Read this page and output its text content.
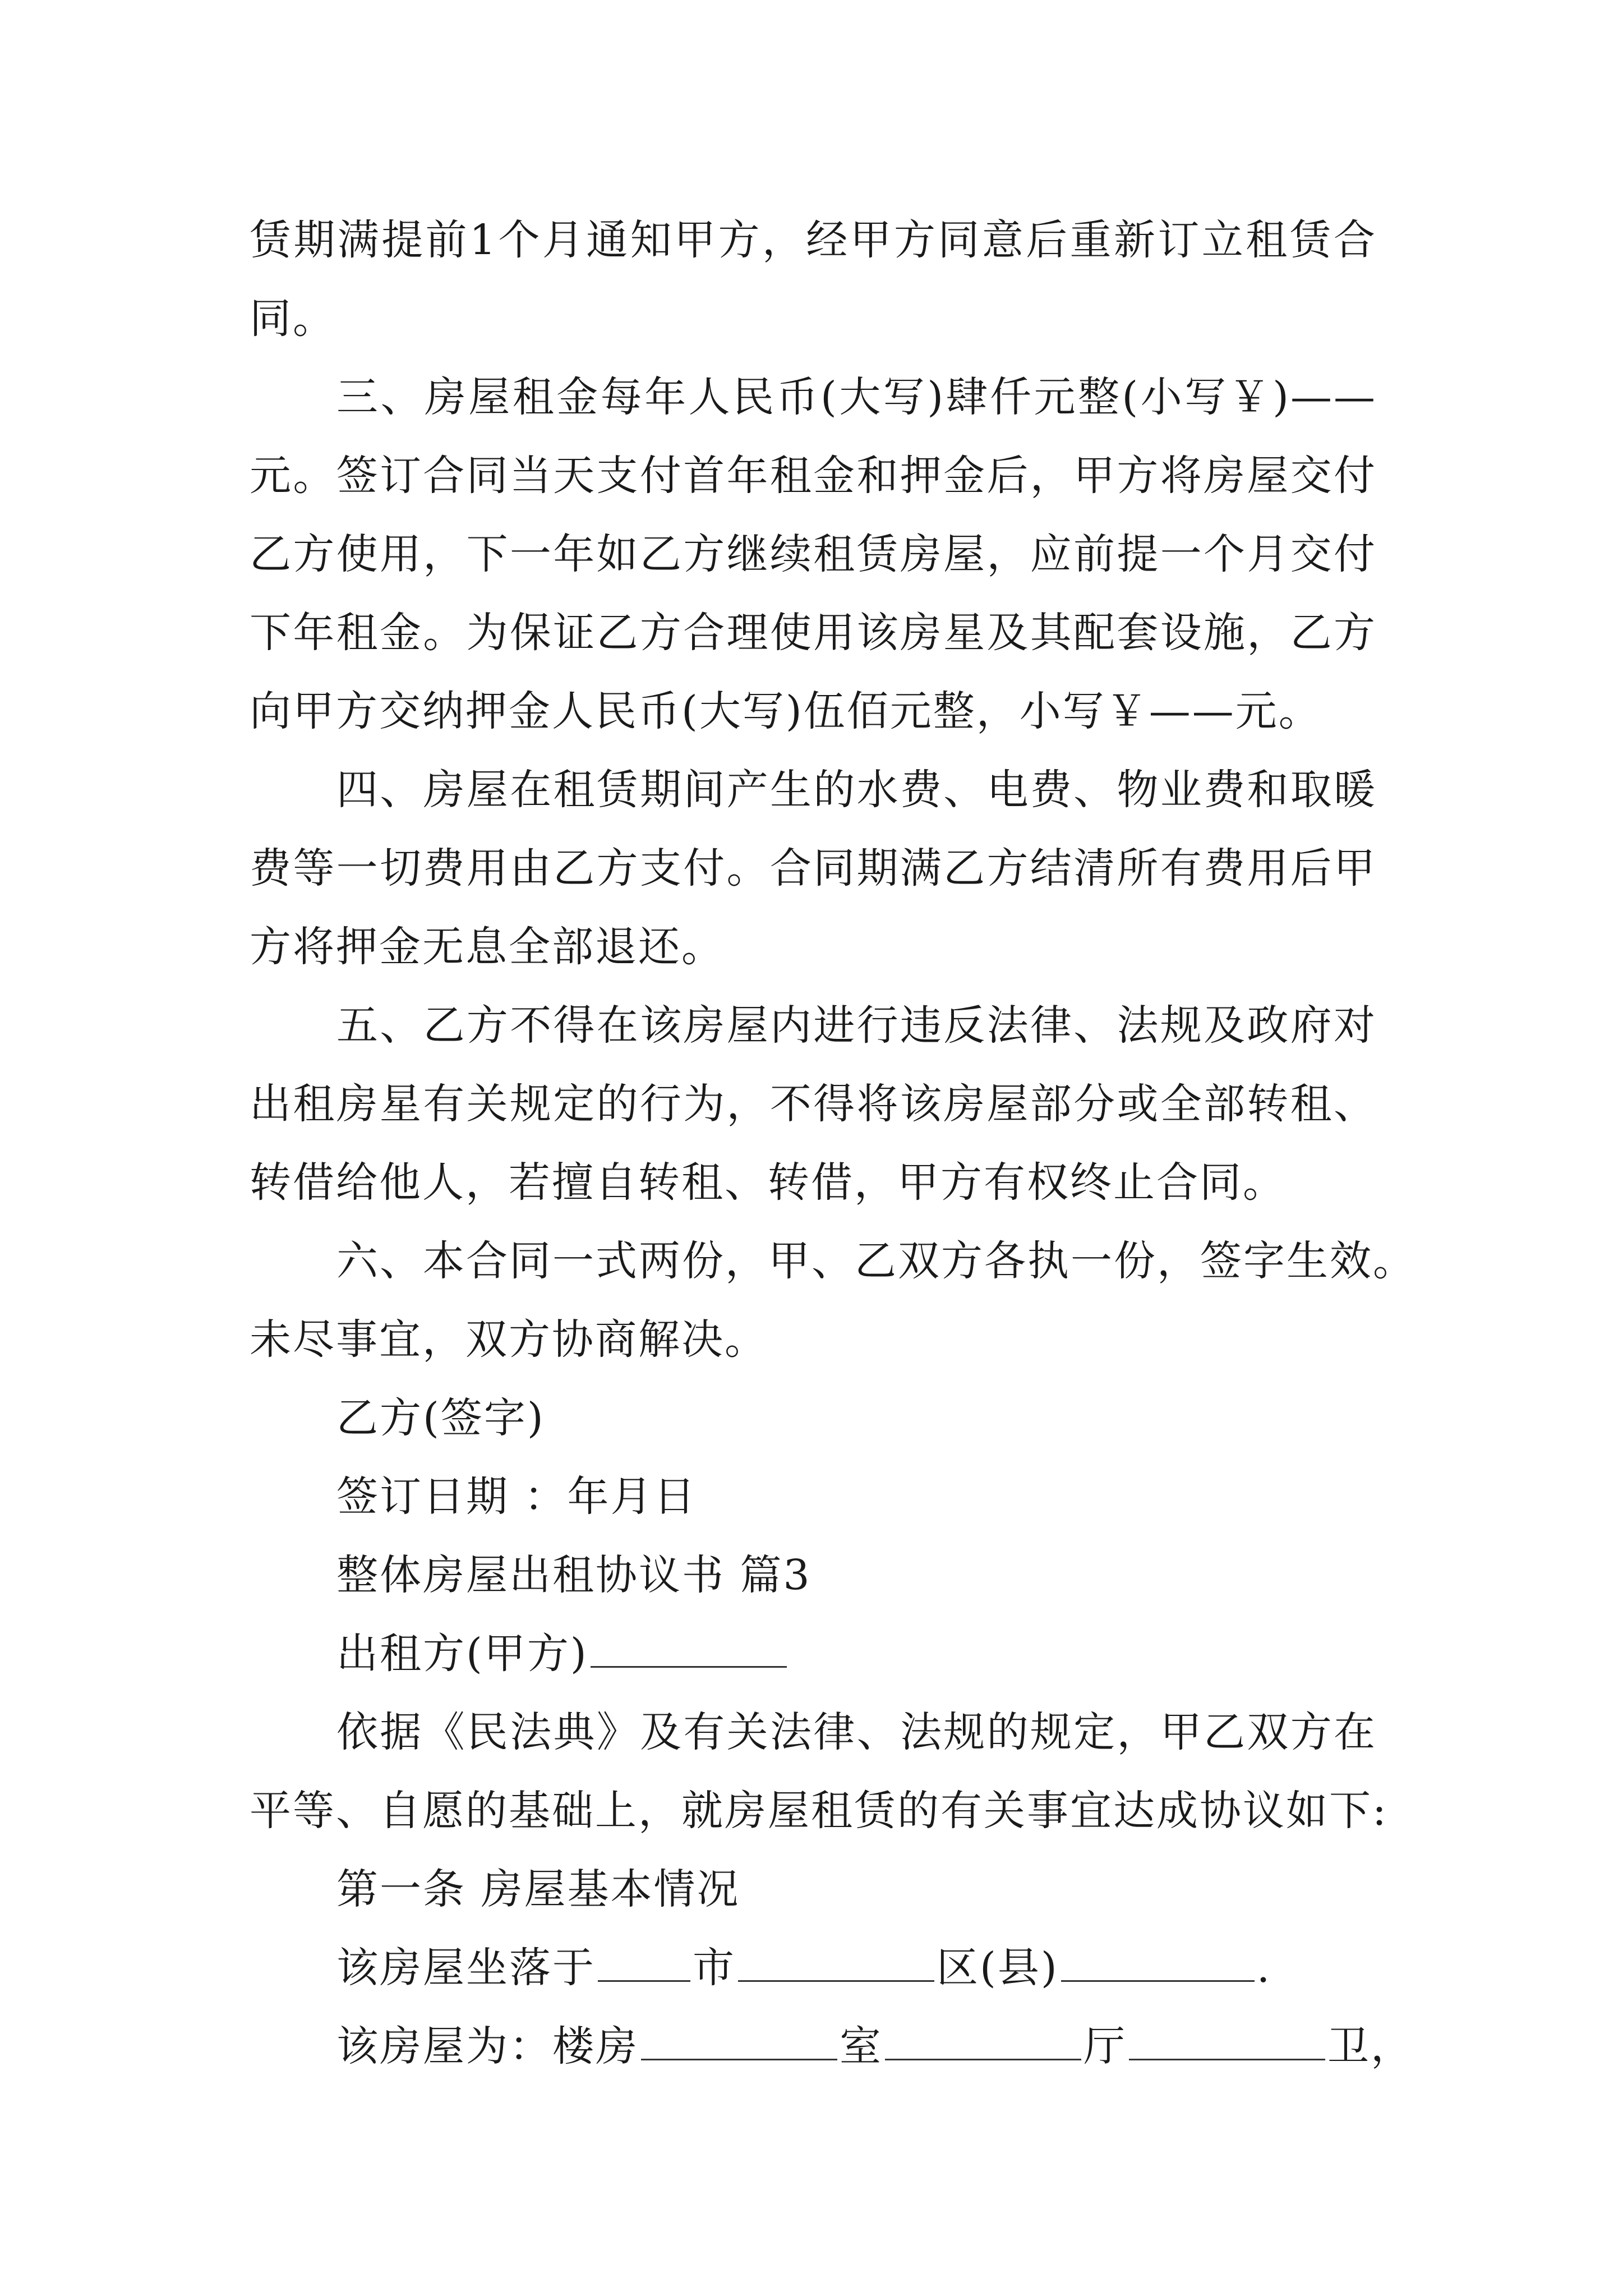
赁期满提前1个月通知甲方，经甲方同意后重新订立租赁合
同。
三、房屋租金每年人民币(大写)肆仟元整(小写￥)——
元。签订合同当天支付首年租金和押金后，甲方将房屋交付
乙方使用，下一年如乙方继续租赁房屋，应前提一个月交付
下年租金。为保证乙方合理使用该房星及其配套设施，乙方
向甲方交纳押金人民币(大写)伍佰元整，小写￥——元。
四、房屋在租赁期间产生的水费、电费、物业费和取暖
费等一切费用由乙方支付。合同期满乙方结清所有费用后甲
方将押金无息全部退还。
五、乙方不得在该房屋内进行违反法律、法规及政府对
出租房星有关规定的行为，不得将该房屋部分或全部转租、
转借给他人，若擅自转租、转借，甲方有权终止合同。
六、本合同一式两份，甲、乙双方各执一份，签字生效。
未尽事宜，双方协商解决。
乙方(签字)
签订日期 ：年月日
整体房屋出租协议书 篇3
出租方(甲方)
依据《民法典》及有关法律、法规的规定，甲乙双方在
平等、自愿的基础上，就房屋租赁的有关事宜达成协议如下:
第一条 房屋基本情况
该房屋坐落于 市	区(县)	.
该房屋为：楼房	室	厅	卫，
